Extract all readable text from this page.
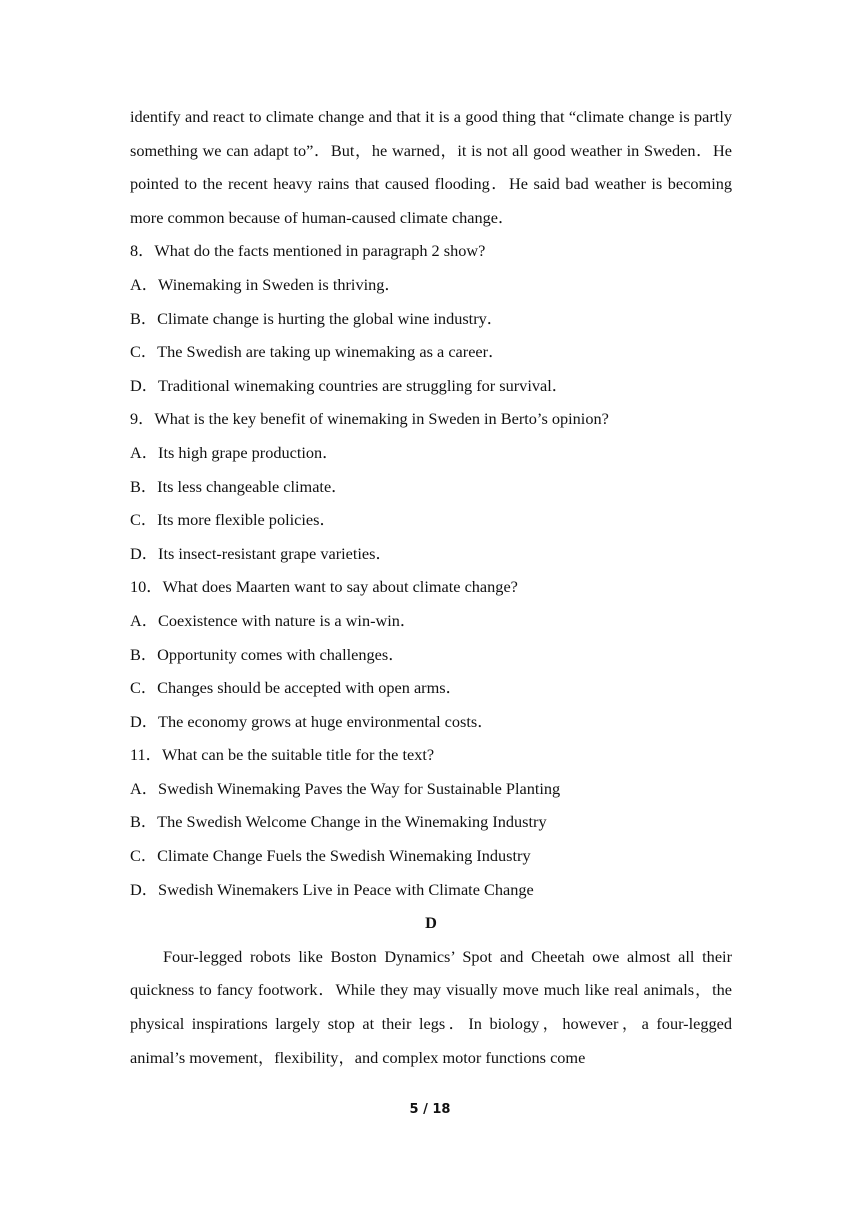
identify and react to climate change and that it is a good thing that “climate change is partly something we can adapt to”．But，he warned，it is not all good weather in Sweden．He pointed to the recent heavy rains that caused flooding．He said bad weather is becoming more common because of human-caused climate change．

8．What do the facts mentioned in paragraph 2 show?

A．Winemaking in Sweden is thriving．

B．Climate change is hurting the global wine industry．

C．The Swedish are taking up winemaking as a career．

D．Traditional winemaking countries are struggling for survival．

9．What is the key benefit of winemaking in Sweden in Berto’s opinion?

A．Its high grape production．

B．Its less changeable climate．

C．Its more flexible policies．

D．Its insect-resistant grape varieties．

10．What does Maarten want to say about climate change?

A．Coexistence with nature is a win-win．

B．Opportunity comes with challenges．

C．Changes should be accepted with open arms．

D．The economy grows at huge environmental costs．

11．What can be the suitable title for the text?

A．Swedish Winemaking Paves the Way for Sustainable Planting

B．The Swedish Welcome Change in the Winemaking Industry

C．Climate Change Fuels the Swedish Winemaking Industry

D．Swedish Winemakers Live in Peace with Climate Change

D

Four-legged robots like Boston Dynamics’ Spot and Cheetah owe almost all their quickness to fancy footwork．While they may visually move much like real animals，the physical inspirations largely stop at their legs．In biology，however，a four-legged animal’s movement，flexibility，and complex motor functions come

5 / 18
